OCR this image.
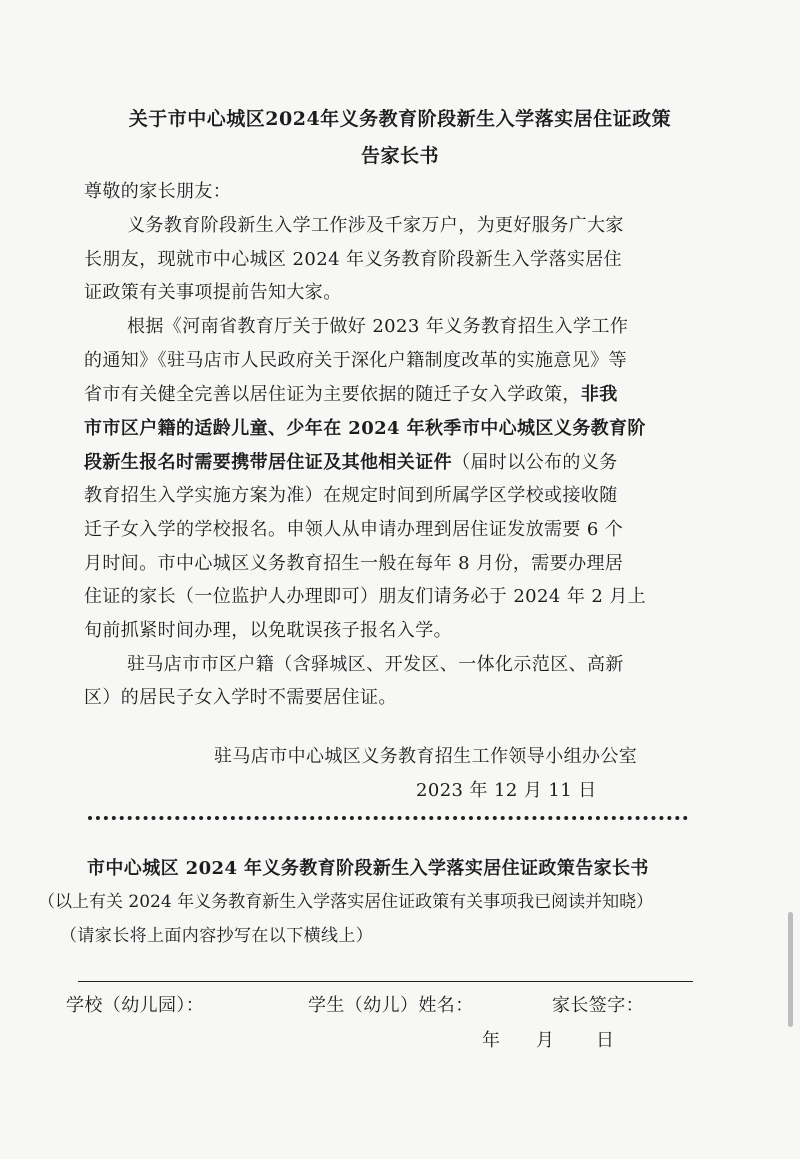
关于市中心城区2024年义务教育阶段新生入学落实居住证政策
告家长书
尊敬的家长朋友：
义务教育阶段新生入学工作涉及千家万户，为更好服务广大家
长朋友，现就市中心城区 2024 年义务教育阶段新生入学落实居住
证政策有关事项提前告知大家。
根据《河南省教育厅关于做好 2023 年义务教育招生入学工作
的通知》《驻马店市人民政府关于深化户籍制度改革的实施意见》等
省市有关健全完善以居住证为主要依据的随迁子女入学政策，非我
市市区户籍的适龄儿童、少年在 2024 年秋季市中心城区义务教育阶
段新生报名时需要携带居住证及其他相关证件（届时以公布的义务
教育招生入学实施方案为准）在规定时间到所属学区学校或接收随
迁子女入学的学校报名。申领人从申请办理到居住证发放需要 6 个
月时间。市中心城区义务教育招生一般在每年 8 月份，需要办理居
住证的家长（一位监护人办理即可）朋友们请务必于 2024 年 2 月上
旬前抓紧时间办理，以免耽误孩子报名入学。
驻马店市市区户籍（含驿城区、开发区、一体化示范区、高新
区）的居民子女入学时不需要居住证。
驻马店市中心城区义务教育招生工作领导小组办公室
2023 年 12 月 11 日
市中心城区 2024 年义务教育阶段新生入学落实居住证政策告家长书
（以上有关 2024 年义务教育新生入学落实居住证政策有关事项我已阅读并知晓）
（请家长将上面内容抄写在以下横线上）
学校（幼儿园）：	学生（幼儿）姓名：	家长签字：
年 月 日
